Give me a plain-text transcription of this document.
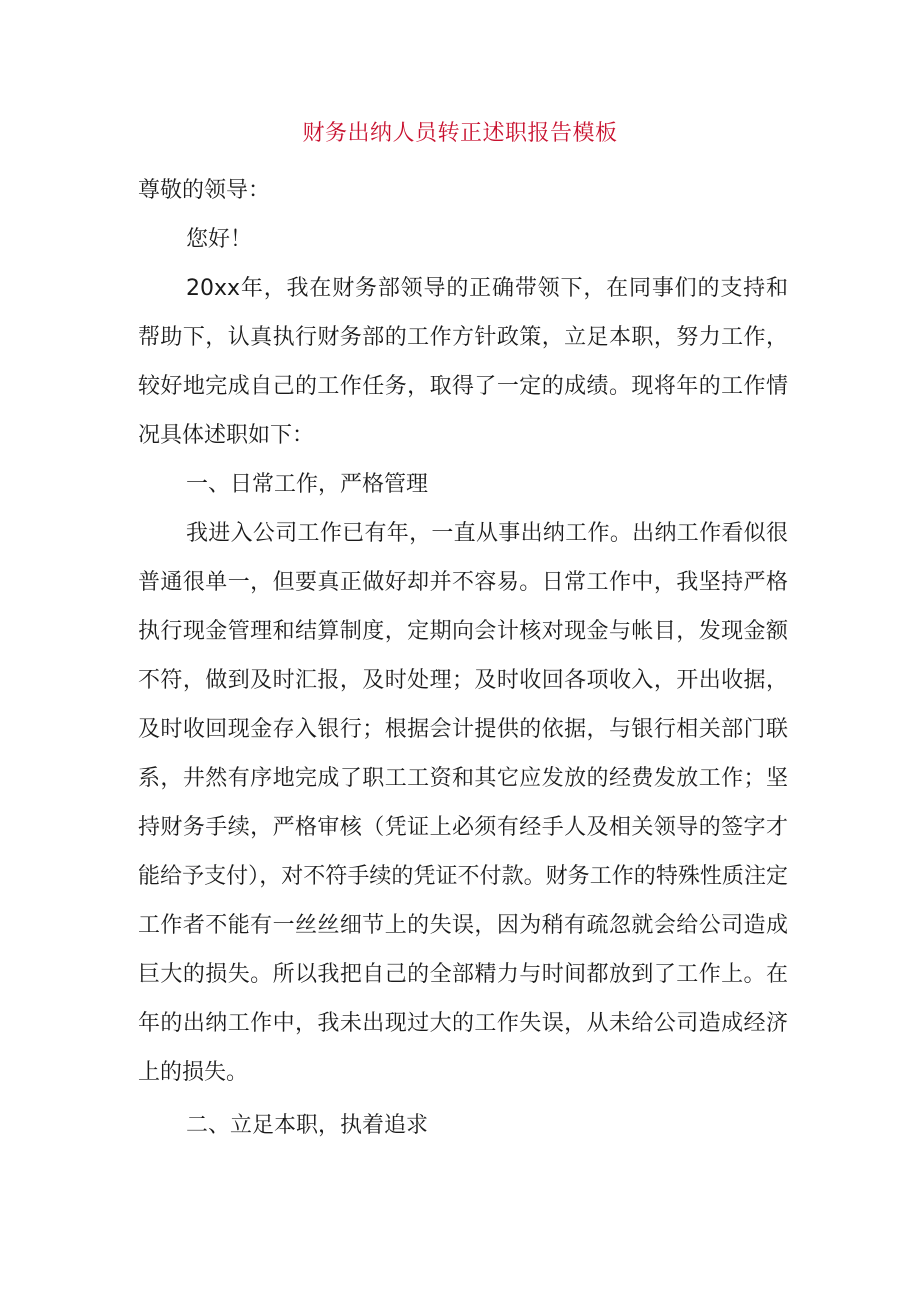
财务出纳人员转正述职报告模板

尊敬的领导：

您好！

20xx年，我在财务部领导的正确带领下，在同事们的支持和帮助下，认真执行财务部的工作方针政策，立足本职，努力工作，较好地完成自己的工作任务，取得了一定的成绩。现将年的工作情况具体述职如下：

一、日常工作，严格管理

我进入公司工作已有年，一直从事出纳工作。出纳工作看似很普通很单一，但要真正做好却并不容易。日常工作中，我坚持严格执行现金管理和结算制度，定期向会计核对现金与帐目，发现金额不符，做到及时汇报，及时处理；及时收回各项收入，开出收据，及时收回现金存入银行；根据会计提供的依据，与银行相关部门联系，井然有序地完成了职工工资和其它应发放的经费发放工作；坚持财务手续，严格审核（凭证上必须有经手人及相关领导的签字才能给予支付），对不符手续的凭证不付款。财务工作的特殊性质注定工作者不能有一丝丝细节上的失误，因为稍有疏忽就会给公司造成巨大的损失。所以我把自己的全部精力与时间都放到了工作上。在年的出纳工作中，我未出现过大的工作失误，从未给公司造成经济上的损失。

二、立足本职，执着追求
